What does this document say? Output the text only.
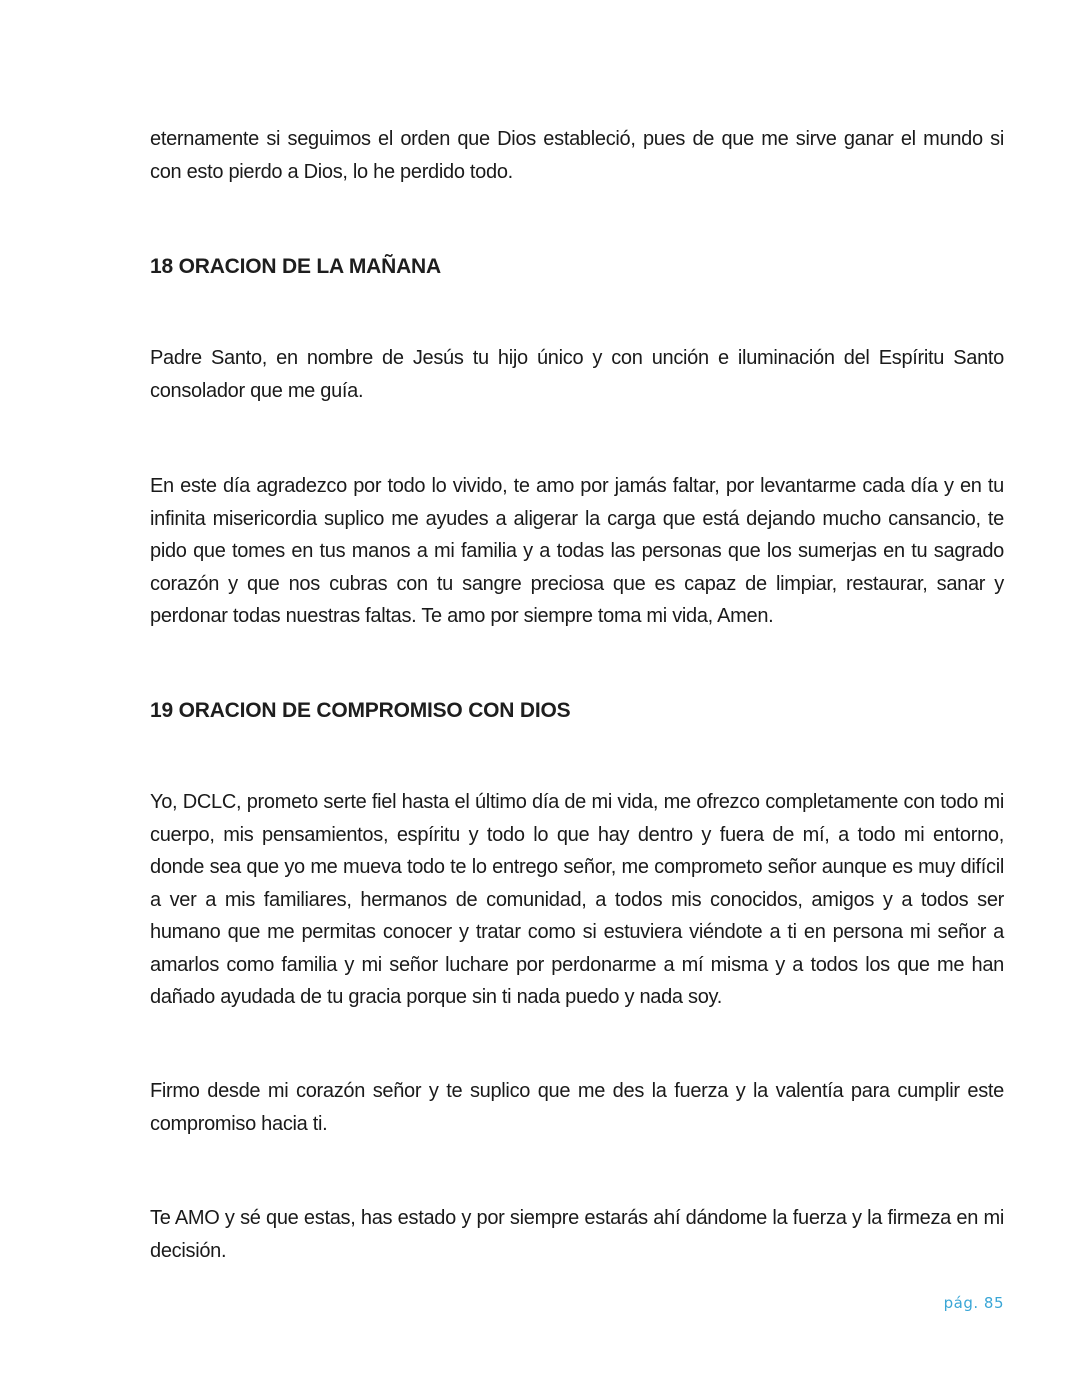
eternamente si seguimos el orden que Dios estableció, pues de que me sirve ganar el mundo si con esto pierdo a Dios, lo he perdido todo.

18 ORACION DE LA MAÑANA

Padre Santo, en nombre de Jesús tu hijo único y con unción e iluminación del Espíritu Santo consolador que me guía.

En este día agradezco por todo lo vivido, te amo por jamás faltar, por levantarme cada día y en tu infinita misericordia suplico me ayudes a aligerar la carga que está dejando mucho cansancio, te pido que tomes en tus manos a mi familia y a todas las personas que los sumerjas en tu sagrado corazón y que nos cubras con tu sangre preciosa que es capaz de limpiar, restaurar, sanar y perdonar todas nuestras faltas. Te amo por siempre toma mi vida, Amen.

19 ORACION DE COMPROMISO CON DIOS

Yo, DCLC, prometo serte fiel hasta el último día de mi vida, me ofrezco completamente con todo mi cuerpo, mis pensamientos, espíritu y todo lo que hay dentro y fuera de mí, a todo mi entorno, donde sea que yo me mueva todo te lo entrego señor, me comprometo señor aunque es muy difícil a ver a mis familiares, hermanos de comunidad, a todos mis conocidos, amigos y a todos ser humano que me permitas conocer y tratar como si estuviera viéndote a ti en persona mi señor a amarlos como familia y mi señor luchare por perdonarme a mí misma y a todos los que me han dañado ayudada de tu gracia porque sin ti nada puedo y nada soy.

Firmo desde mi corazón señor y te suplico que me des la fuerza y la valentía para cumplir este compromiso hacia ti.

Te AMO y sé que estas, has estado y por siempre estarás ahí dándome la fuerza y la firmeza en mi decisión.

pág. 85
